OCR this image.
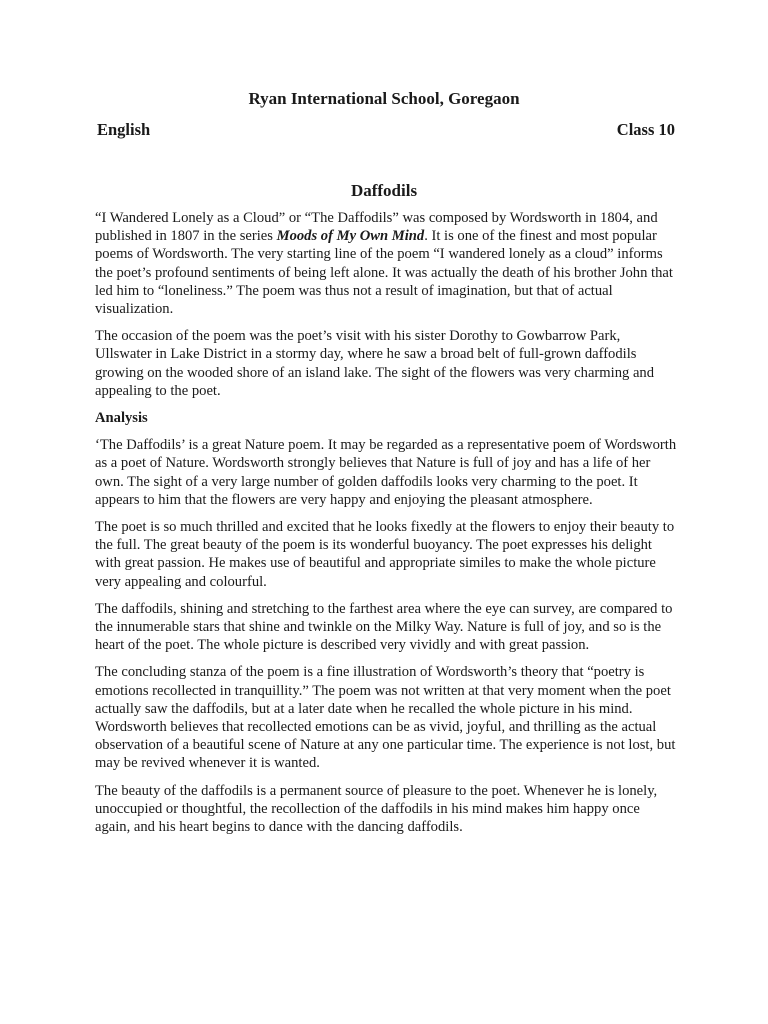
Ryan International School, Goregaon
English	Class 10
Daffodils

“I Wandered Lonely as a Cloud” or “The Daffodils” was composed by Wordsworth in 1804, and published in 1807 in the series Moods of My Own Mind. It is one of the finest and most popular poems of Wordsworth. The very starting line of the poem “I wandered lonely as a cloud” informs the poet’s profound sentiments of being left alone. It was actually the death of his brother John that led him to “loneliness.” The poem was thus not a result of imagination, but that of actual visualization.

The occasion of the poem was the poet’s visit with his sister Dorothy to Gowbarrow Park, Ullswater in Lake District in a stormy day, where he saw a broad belt of full-grown daffodils growing on the wooded shore of an island lake. The sight of the flowers was very charming and appealing to the poet.

Analysis

‘The Daffodils’ is a great Nature poem. It may be regarded as a representative poem of Wordsworth as a poet of Nature. Wordsworth strongly believes that Nature is full of joy and has a life of her own. The sight of a very large number of golden daffodils looks very charming to the poet. It appears to him that the flowers are very happy and enjoying the pleasant atmosphere.

The poet is so much thrilled and excited that he looks fixedly at the flowers to enjoy their beauty to the full. The great beauty of the poem is its wonderful buoyancy. The poet expresses his delight with great passion. He makes use of beautiful and appropriate similes to make the whole picture very appealing and colourful.

The daffodils, shining and stretching to the farthest area where the eye can survey, are compared to the innumerable stars that shine and twinkle on the Milky Way. Nature is full of joy, and so is the heart of the poet. The whole picture is described very vividly and with great passion.

The concluding stanza of the poem is a fine illustration of Wordsworth’s theory that “poetry is emotions recollected in tranquillity.” The poem was not written at that very moment when the poet actually saw the daffodils, but at a later date when he recalled the whole picture in his mind. Wordsworth believes that recollected emotions can be as vivid, joyful, and thrilling as the actual observation of a beautiful scene of Nature at any one particular time. The experience is not lost, but may be revived whenever it is wanted.

The beauty of the daffodils is a permanent source of pleasure to the poet. Whenever he is lonely, unoccupied or thoughtful, the recollection of the daffodils in his mind makes him happy once again, and his heart begins to dance with the dancing daffodils.
